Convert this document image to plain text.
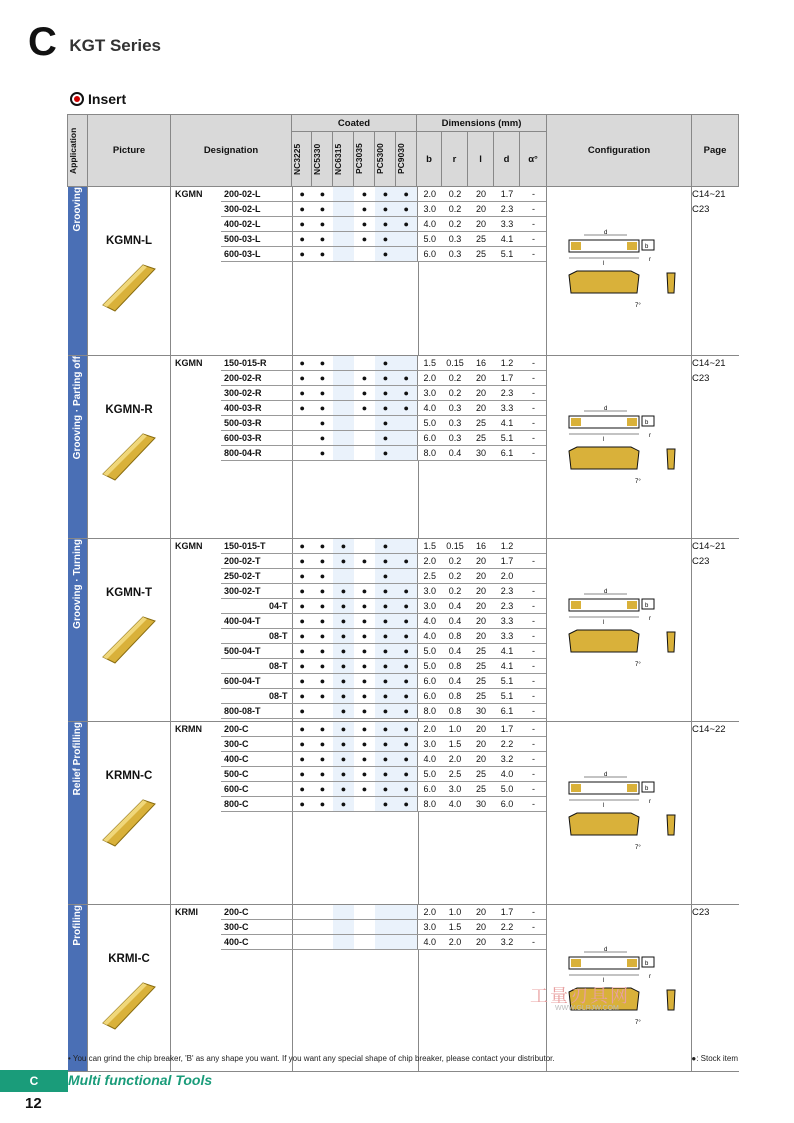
C KGT Series
Insert
Application	Picture	Designation	Coated	Dimensions (mm)	Configuration	Page

NC3225	NC5330	NC6315	PC3035	PC5300	PC9030	b	r	l	d	α°

Grooving

KGMN-L

KGMN	200-02-L	●	●		●	●	●	2.0	0.2	20	1.7	-
	300-02-L	●	●		●	●	●	3.0	0.2	20	2.3	-
	400-02-L	●	●		●	●	●	4.0	0.2	20	3.3	-
	500-03-L	●	●		●	●		5.0	0.3	25	4.1	-
	600-03-L	●	●			●		6.0	0.3	25	5.1	-

d
l
b
r
7°

C14~21
C23

Grooving · Parting off	KGMN-R

KGMN	150-015-R	●	●			●		1.5	0.15	16	1.2	-
	200-02-R	●	●		●	●	●	2.0	0.2	20	1.7	-
	300-02-R	●	●		●	●	●	3.0	0.2	20	2.3	-
	400-03-R	●	●		●	●	●	4.0	0.3	20	3.3	-
	500-03-R		●			●		5.0	0.3	25	4.1	-
	600-03-R		●			●		6.0	0.3	25	5.1	-
	800-04-R		●			●		8.0	0.4	30	6.1	-

d
l
b
r
7°

C14~21
C23

Grooving · Turning	KGMN-T

KGMN	150-015-T	●	●	●		●		1.5	0.15	16	1.2	
	200-02-T	●	●	●	●	●	●	2.0	0.2	20	1.7	-
	250-02-T	●	●			●		2.5	0.2	20	2.0	
	300-02-T	●	●	●	●	●	●	3.0	0.2	20	2.3	-
	04-T	●	●	●	●	●	●	3.0	0.4	20	2.3	-
	400-04-T	●	●	●	●	●	●	4.0	0.4	20	3.3	-
	08-T	●	●	●	●	●	●	4.0	0.8	20	3.3	-
	500-04-T	●	●	●	●	●	●	5.0	0.4	25	4.1	-
	08-T	●	●	●	●	●	●	5.0	0.8	25	4.1	-
	600-04-T	●	●	●	●	●	●	6.0	0.4	25	5.1	-
	08-T	●	●	●	●	●	●	6.0	0.8	25	5.1	-
	800-08-T	●		●	●	●	●	8.0	0.8	30	6.1	-

d
l
b
r
7°

C14~21
C23

Relief Profilling	KRMN-C

KRMN	200-C	●	●	●	●	●	●	2.0	1.0	20	1.7	-
	300-C	●	●	●	●	●	●	3.0	1.5	20	2.2	-
	400-C	●	●	●	●	●	●	4.0	2.0	20	3.2	-
	500-C	●	●	●	●	●	●	5.0	2.5	25	4.0	-
	600-C	●	●	●	●	●	●	6.0	3.0	25	5.0	-
	800-C	●	●	●		●	●	8.0	4.0	30	6.0	-

d
l
b
r
7°

C14~22

Profiling

KRMI-C

KRMI	200-C							2.0	1.0	20	1.7	-
	300-C							3.0	1.5	20	2.2	-
	400-C							4.0	2.0	20	3.2	-

d
l
b
r
7°

C23
工量刃具网
WWW.GLRJW.COM
• You can grind the chip breaker, 'B' as any shape you want. If you want any special shape of chip breaker, please contact your distributor.	●: Stock item
C	Multi functional Tools
12
